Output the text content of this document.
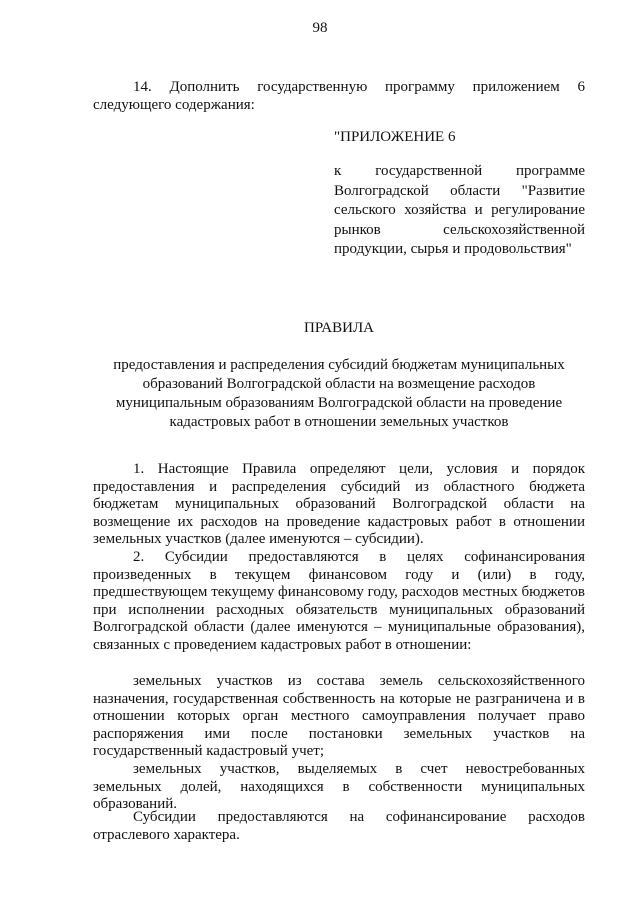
98

14. Дополнить государственную программу приложением 6

следующего содержания:

"ПРИЛОЖЕНИЕ 6
к государственной программе Волгоградской области "Развитие сельского хозяйства и регулирование рынков сельскохозяйственной продукции, сырья и продовольствия"
ПРАВИЛА
предоставления и распределения субсидий бюджетам муниципальных
образований Волгоградской области на возмещение расходов
муниципальным образованиям Волгоградской области на проведение
кадастровых работ в отношении земельных участков
1. Настоящие Правила определяют цели, условия и порядок предоставления и распределения субсидий из областного бюджета бюджетам муниципальных образований Волгоградской области на возмещение их расходов на проведение кадастровых работ в отношении земельных участков (далее именуются – субсидии).
2. Субсидии предоставляются в целях софинансирования произведенных в текущем финансовом году и (или) в году, предшествующем текущему финансовому году, расходов местных бюджетов при исполнении расходных обязательств муниципальных образований Волгоградской области (далее именуются – муниципальные образования), связанных с проведением кадастровых работ в отношении:
земельных участков из состава земель сельскохозяйственного назначения, государственная собственность на которые не разграничена и в отношении которых орган местного самоуправления получает право распоряжения ими после постановки земельных участков на государственный кадастровый учет;
земельных участков, выделяемых в счет невостребованных земельных долей, находящихся в собственности муниципальных образований.
Субсидии предоставляются на софинансирование расходов отраслевого характера.
